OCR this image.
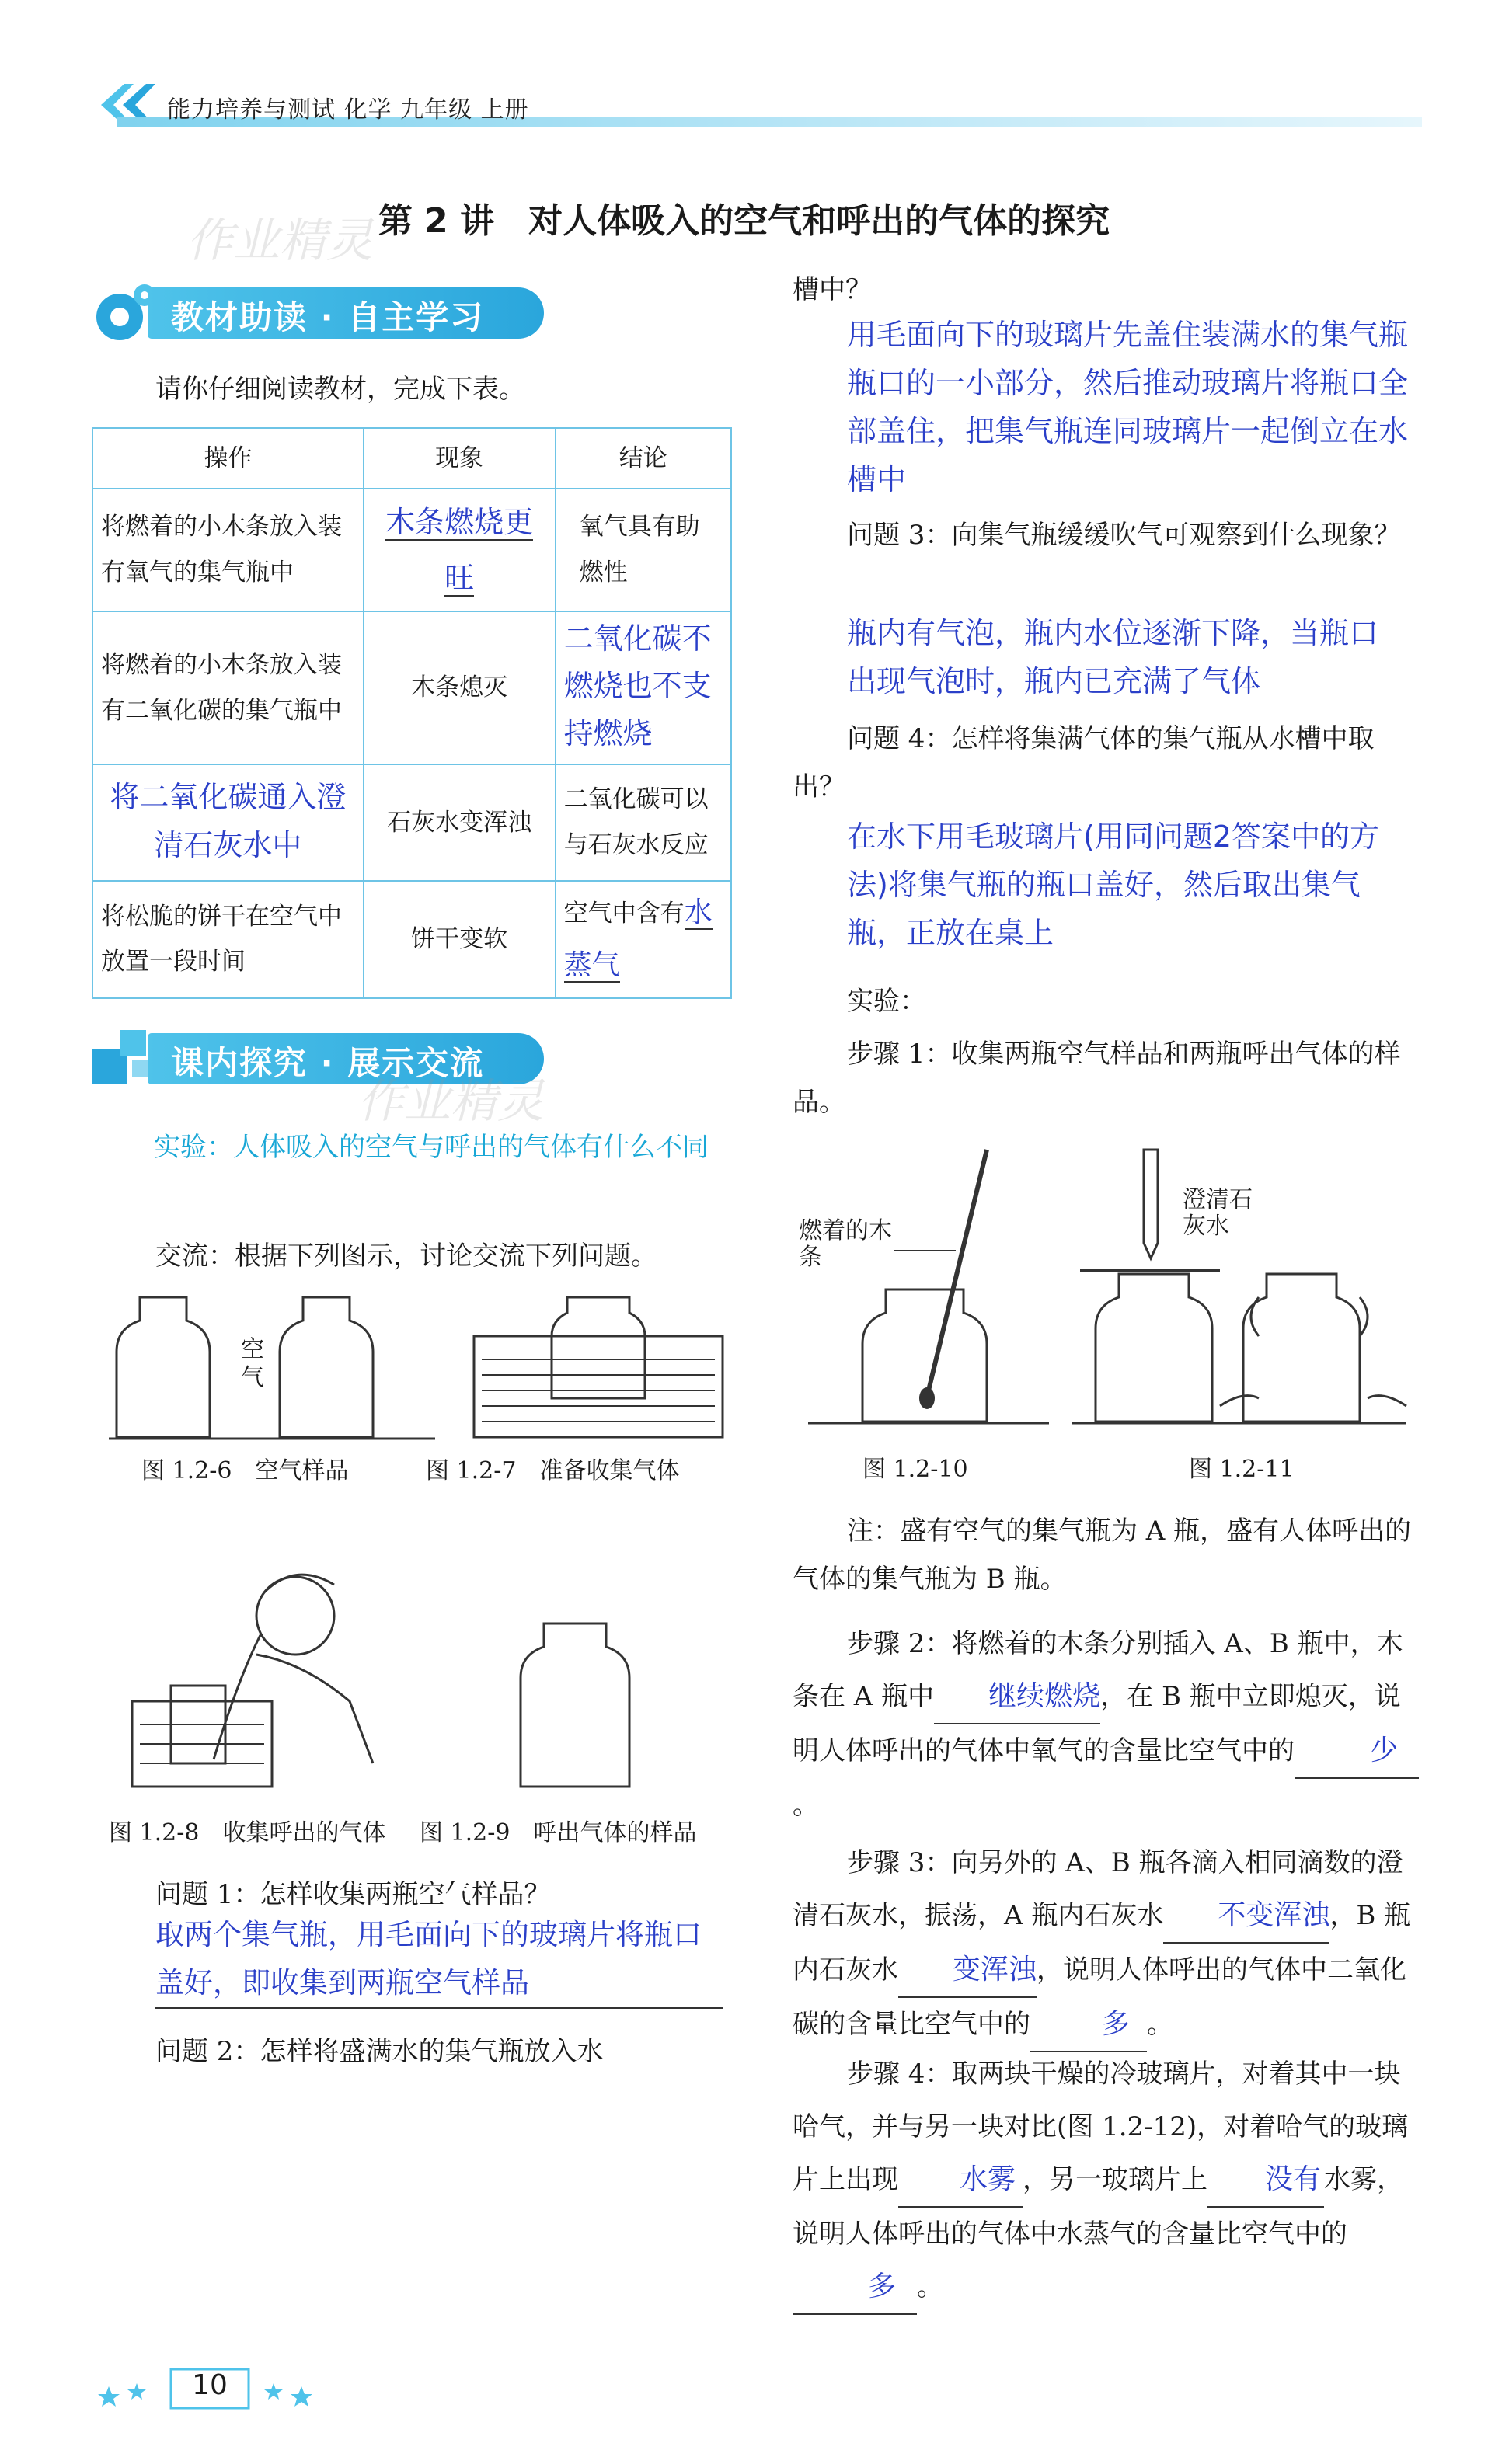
能力培养与测试 化学 九年级 上册
作业精灵 第 2 讲　对人体吸入的空气和呼出的气体的探究
教材助读 · 自主学习
请你仔细阅读教材，完成下表。
操作	现象	结论
将燃着的小木条放入装有氧气的集气瓶中	木条燃烧更旺	氧气具有助燃性
将燃着的小木条放入装有二氧化碳的集气瓶中	木条熄灭	二氧化碳不燃烧也不支持燃烧
将二氧化碳通入澄清石灰水中	石灰水变浑浊	二氧化碳可以与石灰水反应
将松脆的饼干在空气中放置一段时间	饼干变软	空气中含有水蒸气
课内探究 · 展示交流
作业精灵
实验：人体吸入的空气与呼出的气体有什么不同
交流：根据下列图示，讨论交流下列问题。
空气
图 1.2-6　空气样品	图 1.2-7　准备收集气体
图 1.2-8　收集呼出的气体 图 1.2-9　呼出气体的样品
问题 1：怎样收集两瓶空气样品？
取两个集气瓶，用毛面向下的玻璃片将瓶口盖好，即收集到两瓶空气样品
问题 2：怎样将盛满水的集气瓶放入水
槽中？
用毛面向下的玻璃片先盖住装满水的集气瓶瓶口的一小部分，然后推动玻璃片将瓶口全部盖住，把集气瓶连同玻璃片一起倒立在水槽中
问题 3：向集气瓶缓缓吹气可观察到什么现象？
瓶内有气泡，瓶内水位逐渐下降，当瓶口出现气泡时，瓶内已充满了气体
问题 4：怎样将集满气体的集气瓶从水槽中取出？
在水下用毛玻璃片(用同问题2答案中的方法)将集气瓶的瓶口盖好，然后取出集气瓶，正放在桌上
实验：
步骤 1：收集两瓶空气样品和两瓶呼出气体的样品。
燃着的木条
澄清石灰水
图 1.2-10	图 1.2-11
注：盛有空气的集气瓶为 A 瓶，盛有人体呼出的气体的集气瓶为 B 瓶。
步骤 2：将燃着的木条分别插入 A、B 瓶中，木条在 A 瓶中 继续燃烧，在 B 瓶中立即熄灭，说明人体呼出的气体中氧气的含量比空气中的	少。
步骤 3：向另外的 A、B 瓶各滴入相同滴数的澄清石灰水，振荡，A 瓶内石灰水 不变浑浊，B 瓶内石灰水 变浑浊，说明人体呼出的气体中二氧化碳的含量比空气中的	多 。
步骤 4：取两块干燥的冷玻璃片，对着其中一块哈气，并与另一块对比(图 1.2-12)，对着哈气的玻璃片上出现 水雾 ，另一玻璃片上 没有 水雾，说明人体呼出的气体中水蒸气的含量比空气中的多 。
10
